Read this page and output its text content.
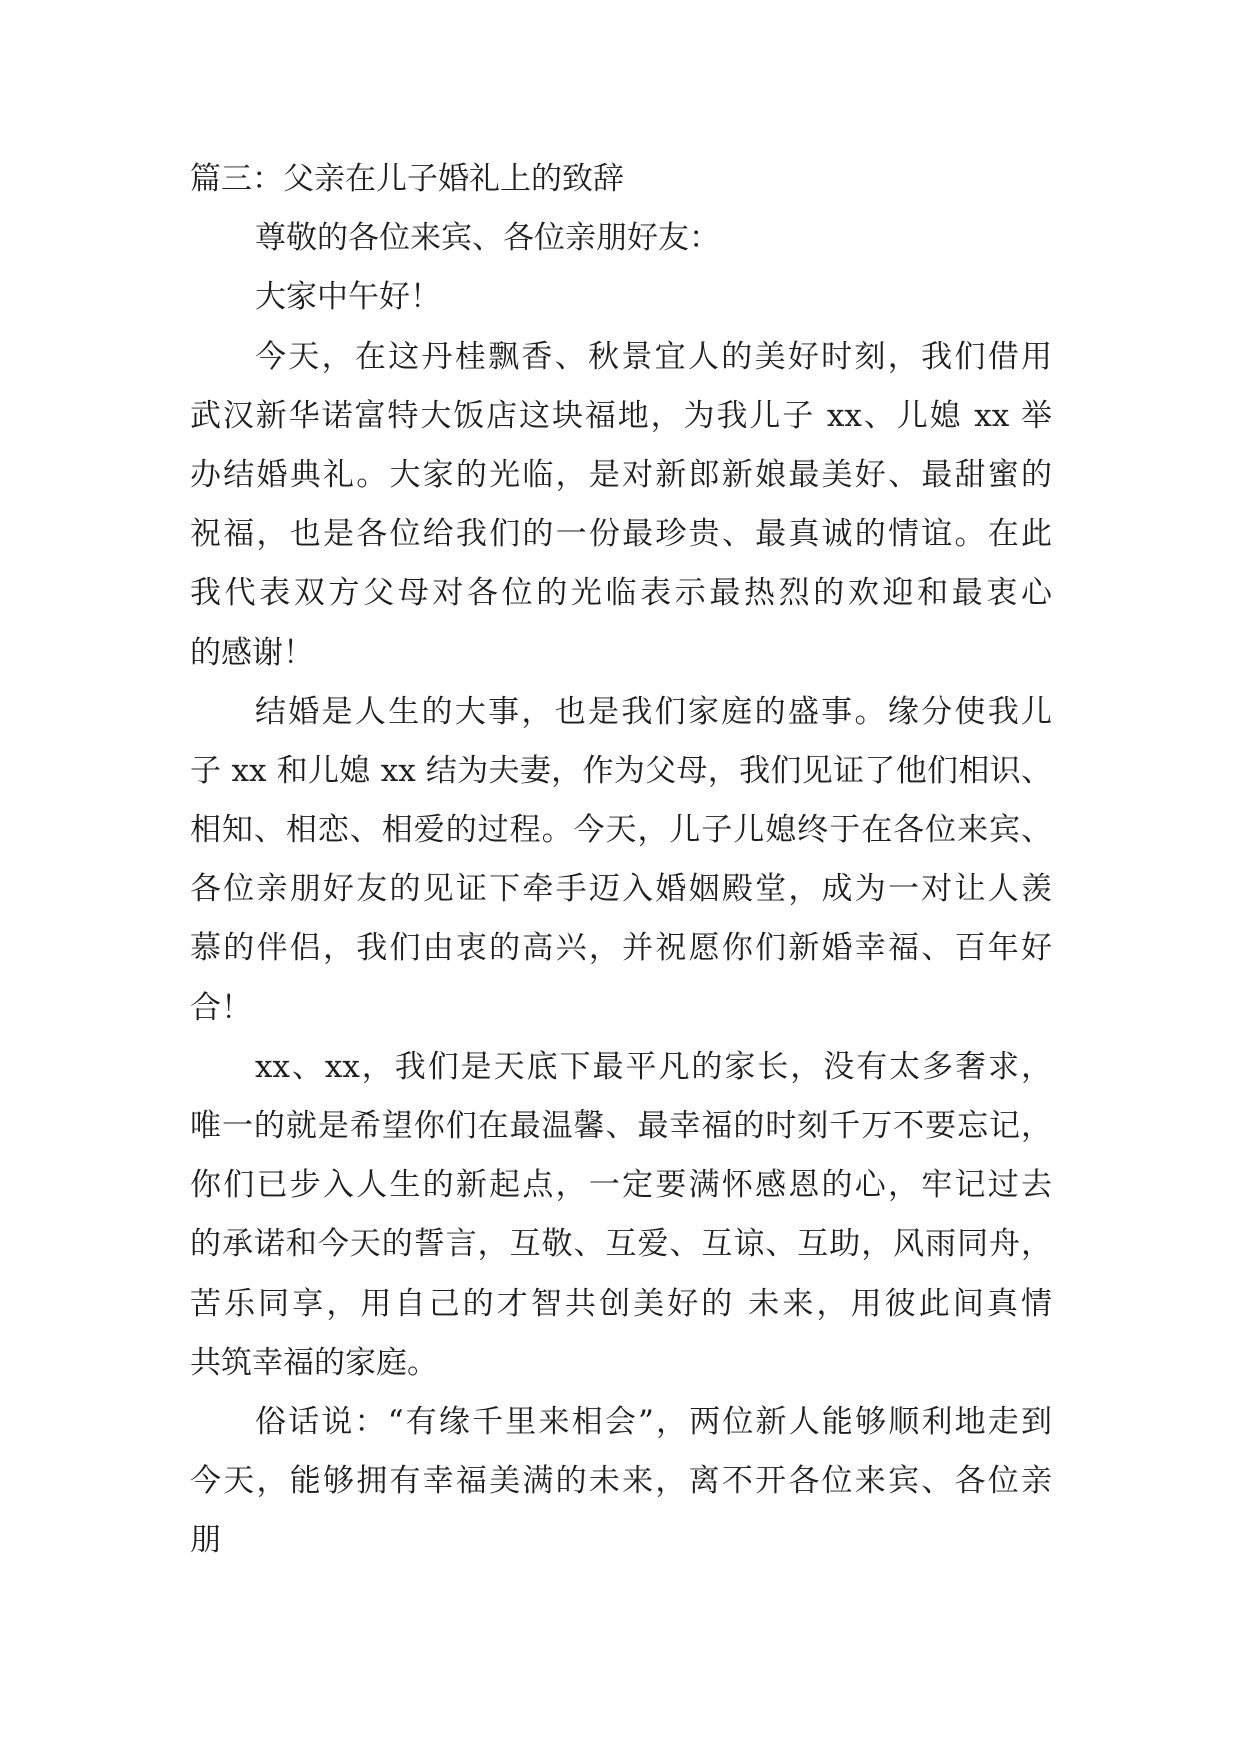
篇三：父亲在儿子婚礼上的致辞
尊敬的各位来宾、各位亲朋好友：
大家中午好！
今天，在这丹桂飘香、秋景宜人的美好时刻，我们借用
武汉新华诺富特大饭店这块福地，为我儿子 xx、儿媳 xx 举
办结婚典礼。大家的光临，是对新郎新娘最美好、最甜蜜的
祝福，也是各位给我们的一份最珍贵、最真诚的情谊。在此
我代表双方父母对各位的光临表示最热烈的欢迎和最衷心
的感谢！
结婚是人生的大事，也是我们家庭的盛事。缘分使我儿
子 xx 和儿媳 xx 结为夫妻，作为父母，我们见证了他们相识、
相知、相恋、相爱的过程。今天，儿子儿媳终于在各位来宾、
各位亲朋好友的见证下牵手迈入婚姻殿堂，成为一对让人羡
慕的伴侣，我们由衷的高兴，并祝愿你们新婚幸福、百年好
合！
xx、xx，我们是天底下最平凡的家长，没有太多奢求，
唯一的就是希望你们在最温馨、最幸福的时刻千万不要忘记，
你们已步入人生的新起点，一定要满怀感恩的心，牢记过去
的承诺和今天的誓言，互敬、互爱、互谅、互助，风雨同舟，
苦乐同享，用自己的才智共创美好的 未来，用彼此间真情
共筑幸福的家庭。
俗话说：“有缘千里来相会”，两位新人能够顺利地走到
今天，能够拥有幸福美满的未来，离不开各位来宾、各位亲
朋
